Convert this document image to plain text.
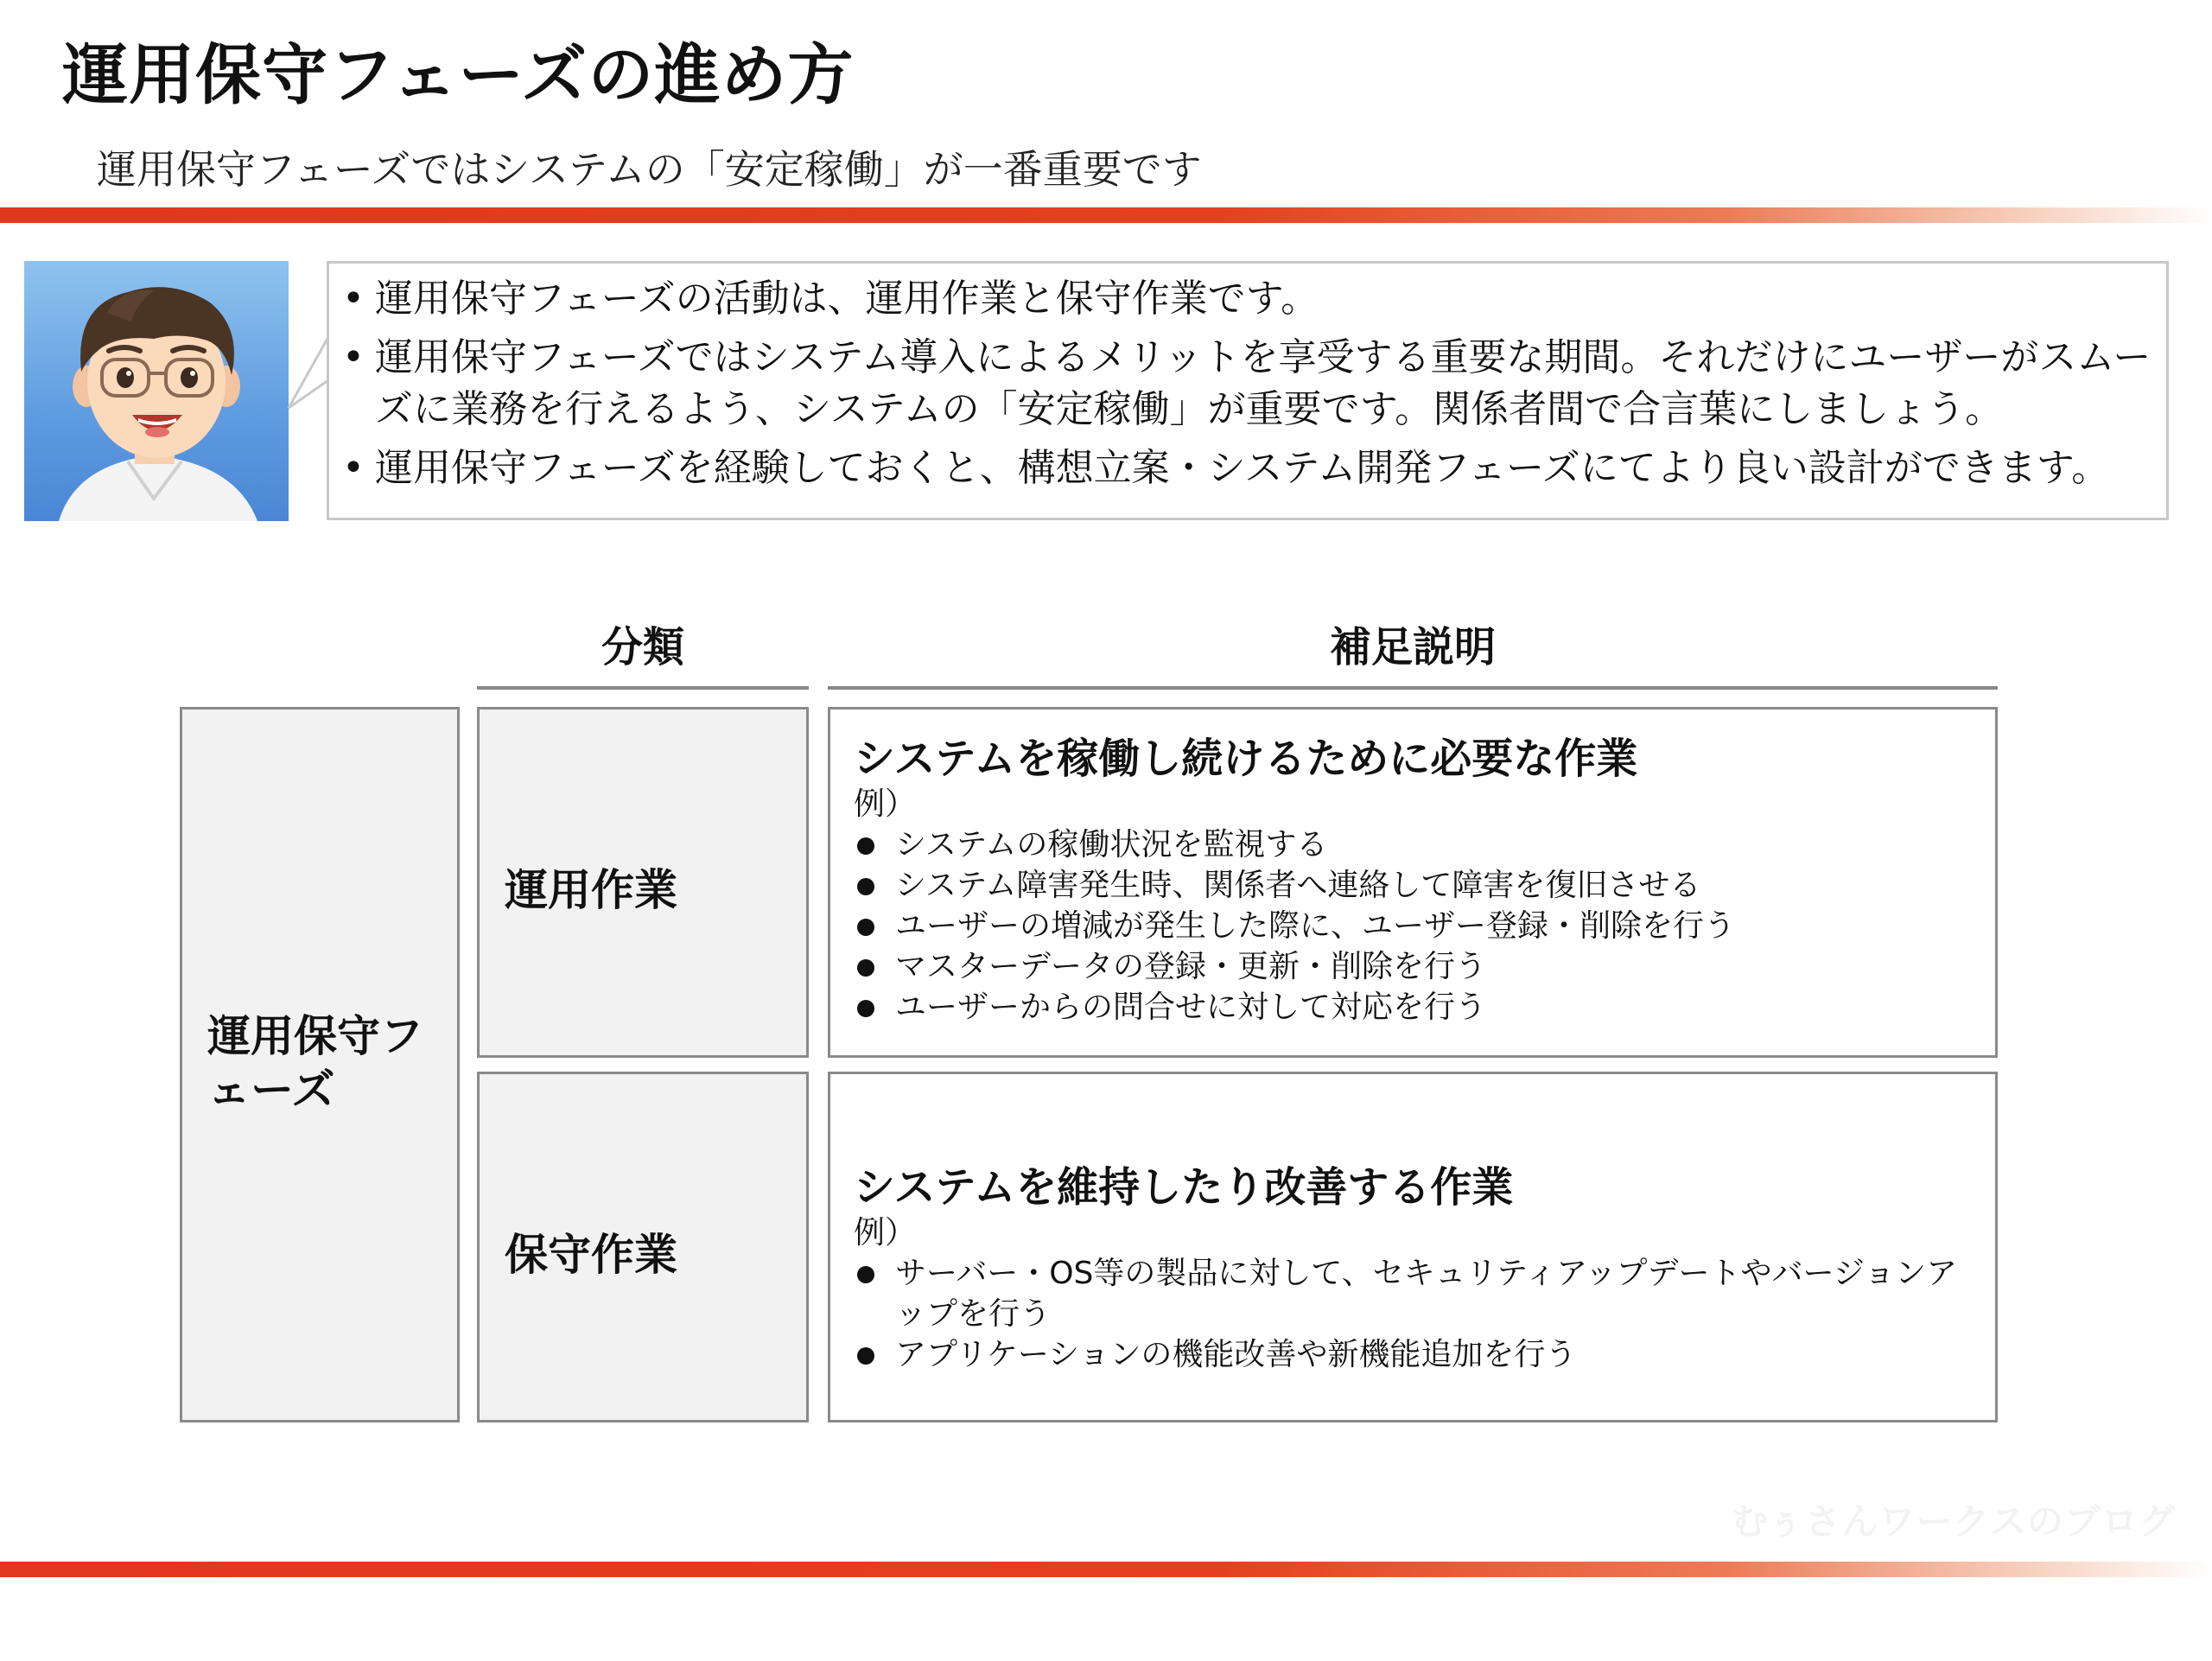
運用保守フェーズの進め方
運用保守フェーズではシステムの「安定稼働」が一番重要です
• 運用保守フェーズの活動は、運用作業と保守作業です。
• 運用保守フェーズではシステム導入によるメリットを享受する重要な期間。それだけにユーザーがスムーズに業務を行えるよう、システムの「安定稼働」が重要です。関係者間で合言葉にしましょう。
• 運用保守フェーズを経験しておくと、構想立案・システム開発フェーズにてより良い設計ができます。
分類	補足説明
運用保守フェーズ
運用作業
システムを稼働し続けるために必要な作業
例）
システムの稼働状況を監視する
システム障害発生時、関係者へ連絡して障害を復旧させる
ユーザーの増減が発生した際に、ユーザー登録・削除を行う
マスターデータの登録・更新・削除を行う
ユーザーからの問合せに対して対応を行う
保守作業
システムを維持したり改善する作業
例）
サーバー・OS等の製品に対して、セキュリティアップデートやバージョンアップを行う
アプリケーションの機能改善や新機能追加を行う
むぅさんワークスのブログ
